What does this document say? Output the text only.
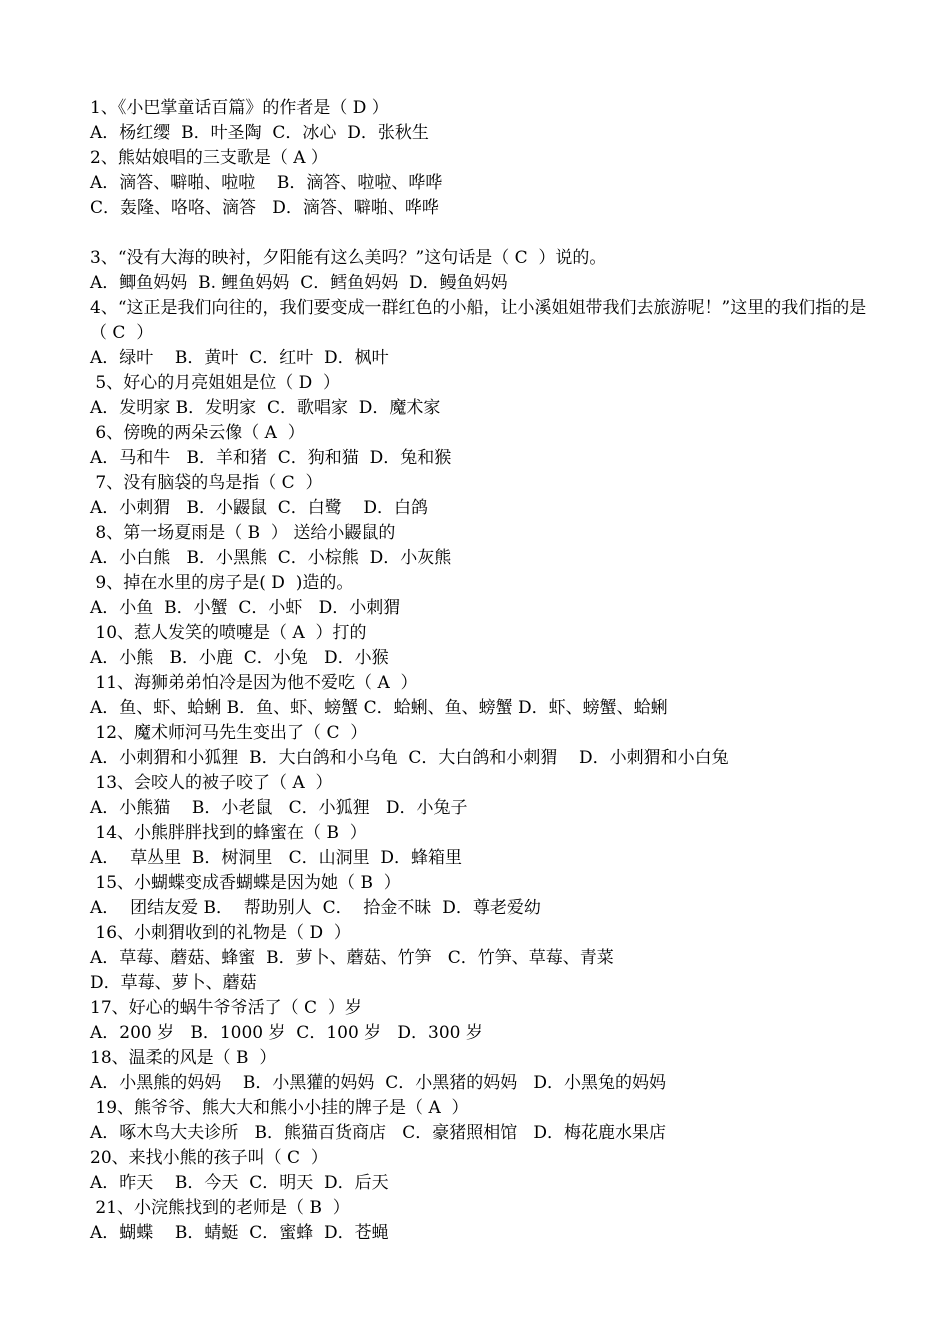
1、《小巴掌童话百篇》的作者是（ D ）
A．杨红缨  B．叶圣陶  C．冰心  D．张秋生
2、熊姑娘唱的三支歌是（ A ）
A．滴答、噼啪、啦啦    B．滴答、啦啦、哗哗
C．轰隆、咯咯、滴答   D．滴答、噼啪、哗哗
3、“没有大海的映衬，夕阳能有这么美吗？”这句话是（ C  ）说的。
A．鲫鱼妈妈  B. 鲤鱼妈妈  C．鳕鱼妈妈  D．鳗鱼妈妈
4、“这正是我们向往的，我们要变成一群红色的小船，让小溪姐姐带我们去旅游呢！”这里的我们指的是（ C  ）
A．绿叶    B．黄叶  C．红叶  D．枫叶
5、好心的月亮姐姐是位（ D  ）
A．发明家 B．发明家  C．歌唱家  D．魔术家
6、傍晚的两朵云像（ A  ）
A．马和牛   B．羊和猪  C．狗和猫  D．兔和猴
7、没有脑袋的鸟是指（ C  ）
A．小刺猬   B．小鼹鼠  C．白鹭    D．白鸽
8、第一场夏雨是（ B  ） 送给小鼹鼠的
A．小白熊   B．小黑熊  C．小棕熊  D．小灰熊
9、掉在水里的房子是( D  )造的。
A．小鱼  B．小蟹  C．小虾   D．小刺猬
10、惹人发笑的喷嚏是（ A  ）打的
A．小熊   B．小鹿  C．小兔   D．小猴
11、海狮弟弟怕冷是因为他不爱吃（ A  ）
A．鱼、虾、蛤蜊 B．鱼、虾、螃蟹 C．蛤蜊、鱼、螃蟹 D．虾、螃蟹、蛤蜊
12、魔术师河马先生变出了（ C  ）
A．小刺猬和小狐狸  B．大白鸽和小乌龟  C．大白鸽和小刺猬    D．小刺猬和小白兔
13、会咬人的被子咬了（ A  ）
A．小熊猫    B．小老鼠   C．小狐狸   D．小兔子
14、小熊胖胖找到的蜂蜜在（ B  ）
A．  草丛里  B．树洞里   C．山洞里  D．蜂箱里
15、小蝴蝶变成香蝴蝶是因为她（ B  ）
A．  团结友爱 B．  帮助别人  C．  拾金不昧  D．尊老爱幼
16、小刺猬收到的礼物是（ D  ）
A．草莓、蘑菇、蜂蜜  B．萝卜、蘑菇、竹笋   C．竹笋、草莓、青菜
D．草莓、萝卜、蘑菇
17、好心的蜗牛爷爷活了（ C  ）岁
A．200 岁   B．1000 岁  C．100 岁   D．300 岁
18、温柔的风是（ B  ）
A．小黑熊的妈妈    B．小黑獾的妈妈  C．小黑猪的妈妈   D．小黑兔的妈妈
19、熊爷爷、熊大大和熊小小挂的牌子是（ A  ）
A．啄木鸟大夫诊所   B．熊猫百货商店   C．豪猪照相馆   D．梅花鹿水果店
20、来找小熊的孩子叫（ C  ）
A．昨天    B．今天  C．明天  D．后天
21、小浣熊找到的老师是（ B  ）
A．蝴蝶    B．蜻蜓  C．蜜蜂  D．苍蝇
